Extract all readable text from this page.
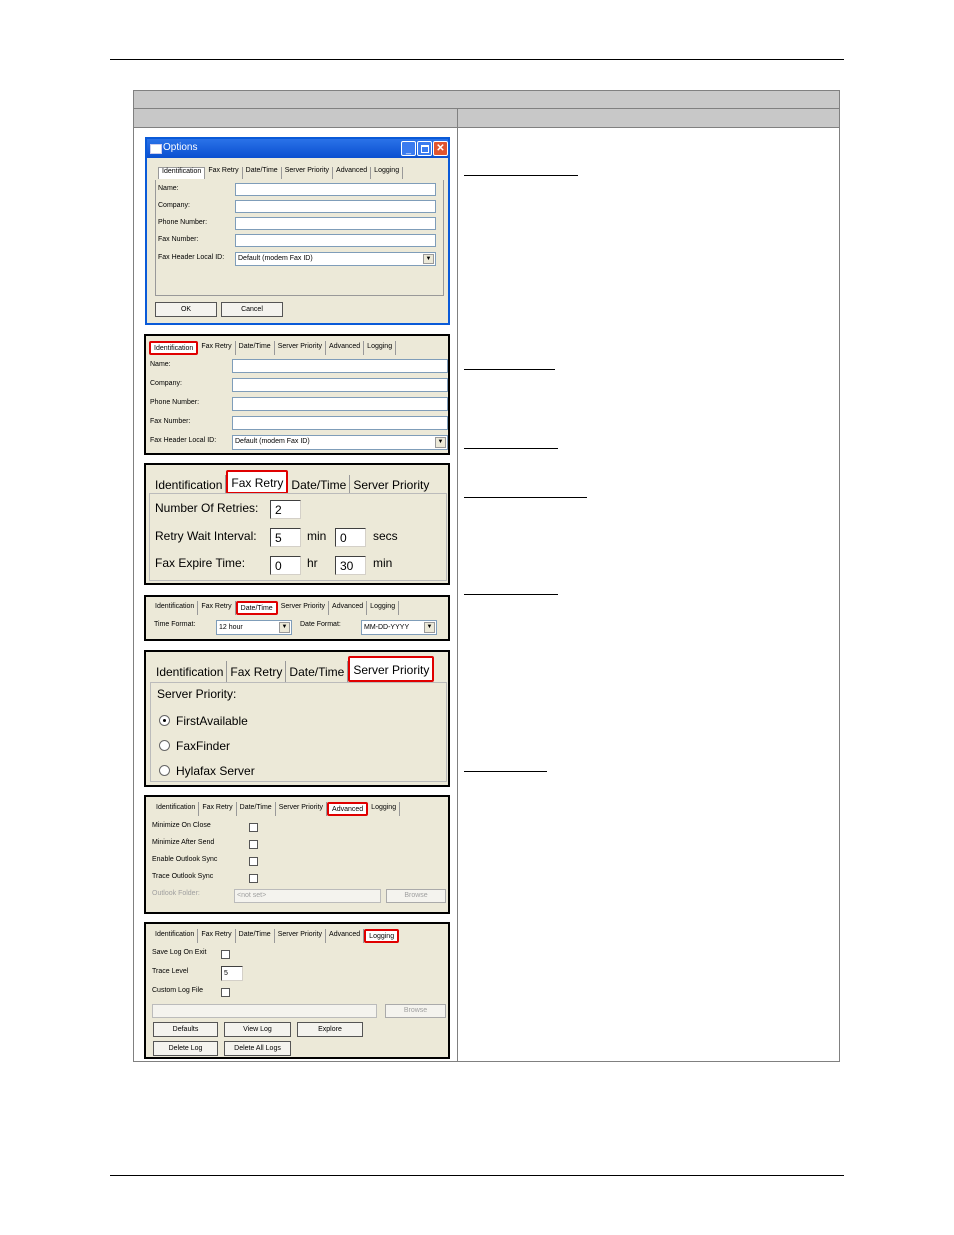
Options	_	✕
Identification	Fax Retry	Date/Time	Server Priority	Advanced	Logging
Name:
Company:
Phone Number:
Fax Number:
Fax Header Local ID:	Default (modem Fax ID)	▼
OK	Cancel
Identification	Fax Retry	Date/Time	Server Priority	Advanced	Logging
Name:
Company:
Phone Number:
Fax Number:
Fax Header Local ID:	Default (modem Fax ID)	▼
Identification Fax Retry Date/Time Server Priority
Number Of Retries:	2
Retry Wait Interval:	5	min	0	secs
Fax Expire Time:	0	hr	30	min
Identification	Fax Retry	Date/Time	Server Priority	Advanced	Logging
Time Format:	12 hour	▼	Date Format:	MM-DD-YYYY	▼
Identification Fax Retry Date/Time Server Priority
Server Priority:
FirstAvailable
FaxFinder
Hylafax Server
Identification	Fax Retry	Date/Time	Server Priority	Advanced	Logging
Minimize On Close
Minimize After Send
Enable Outlook Sync
Trace Outlook Sync
Outlook Folder:	<not set>	Browse
Identification	Fax Retry	Date/Time	Server Priority	Advanced	Logging
Save Log On Exit
Trace Level	5
Custom Log File
Browse
Defaults	View Log	Explore
Delete Log	Delete All Logs
